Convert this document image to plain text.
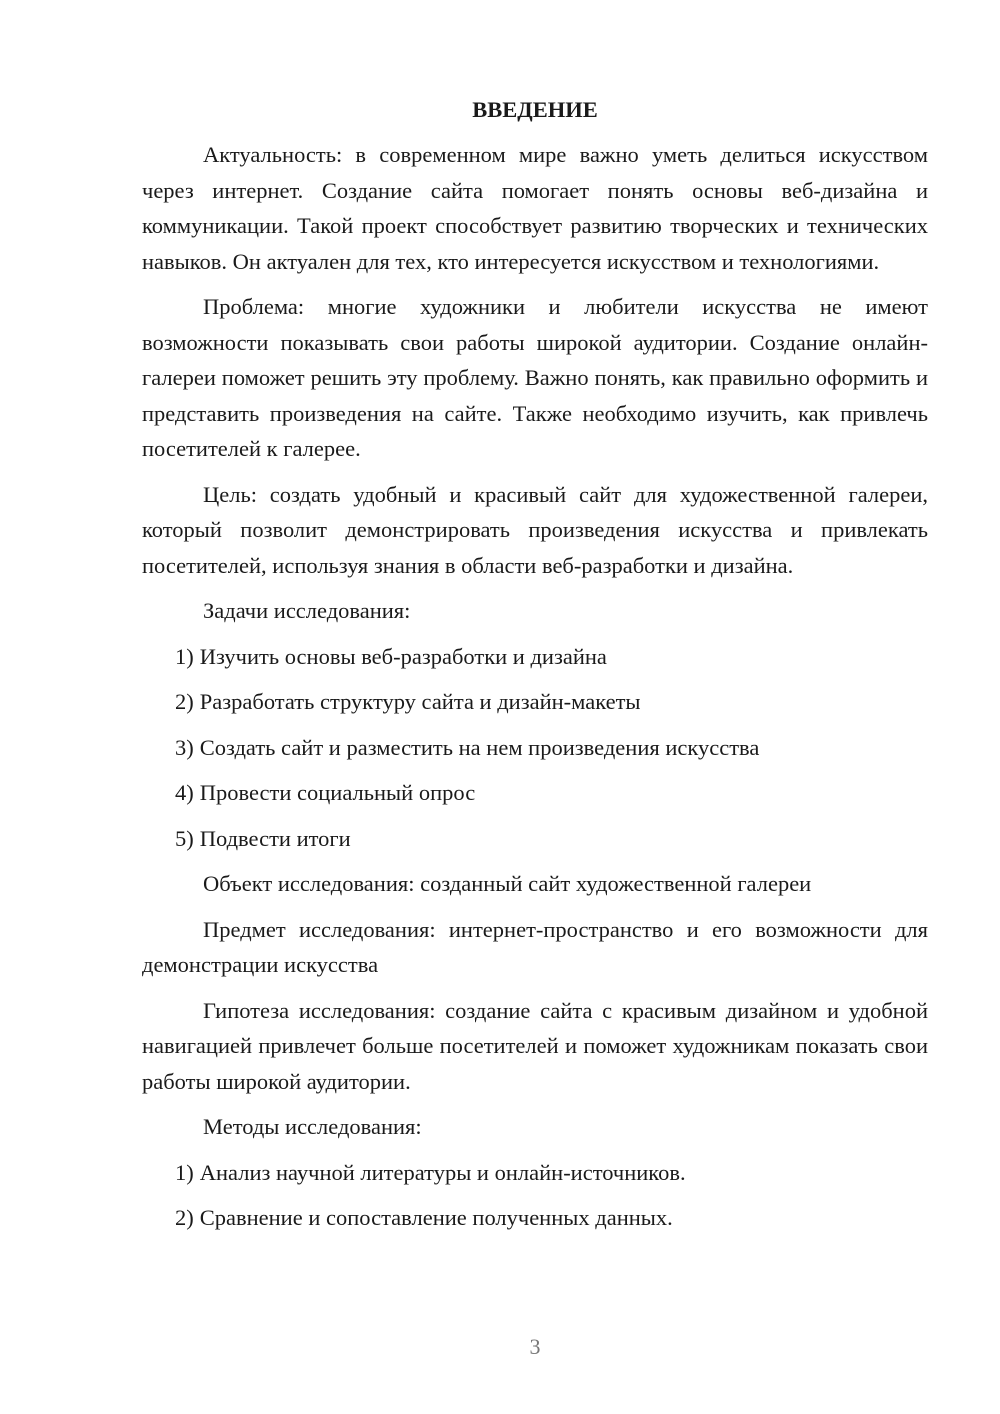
ВВЕДЕНИЕ

Актуальность: в современном мире важно уметь делиться искусством через интернет. Создание сайта помогает понять основы веб-дизайна и коммуникации. Такой проект способствует развитию творческих и технических навыков. Он актуален для тех, кто интересуется искусством и технологиями.

Проблема: многие художники и любители искусства не имеют возможности показывать свои работы широкой аудитории. Создание онлайн-галереи поможет решить эту проблему. Важно понять, как правильно оформить и представить произведения на сайте. Также необходимо изучить, как привлечь посетителей к галерее.

Цель: создать удобный и красивый сайт для художественной галереи, который позволит демонстрировать произведения искусства и привлекать посетителей, используя знания в области веб-разработки и дизайна.

Задачи исследования:

1) Изучить основы веб-разработки и дизайна
2) Разработать структуру сайта и дизайн-макеты
3) Создать сайт и разместить на нем произведения искусства
4) Провести социальный опрос
5) Подвести итоги

Объект исследования: созданный сайт художественной галереи

Предмет исследования: интернет-пространство и его возможности для демонстрации искусства

Гипотеза исследования: создание сайта с красивым дизайном и удобной навигацией привлечет больше посетителей и поможет художникам показать свои работы широкой аудитории.

Методы исследования:

1) Анализ научной литературы и онлайн-источников.
2) Сравнение и сопоставление полученных данных.
3
